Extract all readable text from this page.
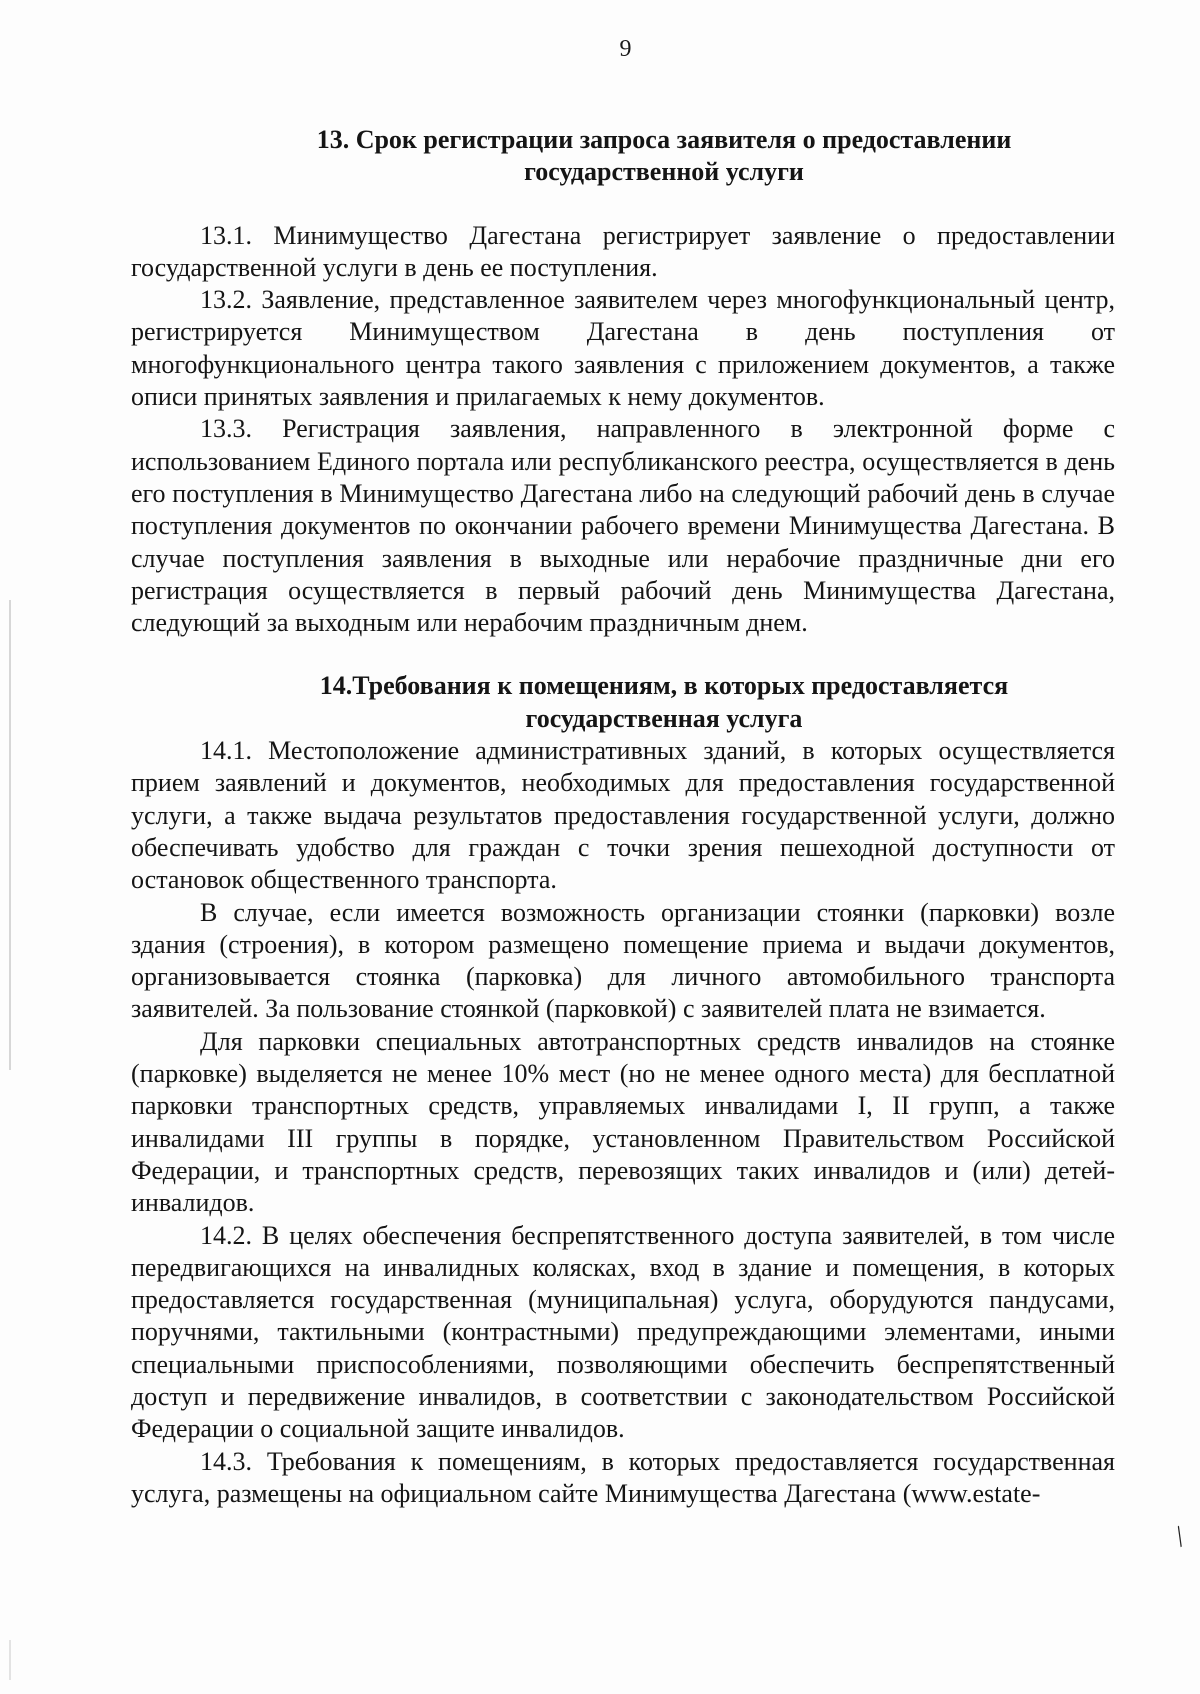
9
13. Срок регистрации запроса заявителя о предоставлении
государственной услуги

13.1. Минимущество Дагестана регистрирует заявление о предоставлении государственной услуги в день ее поступления.

13.2. Заявление, представленное заявителем через многофункциональный центр, регистрируется Минимуществом Дагестана в день поступления от многофункционального центра такого заявления с приложением документов, а также описи принятых заявления и прилагаемых к нему документов.

13.3. Регистрация заявления, направленного в электронной форме с использованием Единого портала или республиканского реестра, осуществляется в день его поступления в Минимущество Дагестана либо на следующий рабочий день в случае поступления документов по окончании рабочего времени Минимущества Дагестана. В случае поступления заявления в выходные или нерабочие праздничные дни его регистрация осуществляется в первый рабочий день Минимущества Дагестана, следующий за выходным или нерабочим праздничным днем.

14.Требования к помещениям, в которых предоставляется
государственная услуга

14.1. Местоположение административных зданий, в которых осуществляется прием заявлений и документов, необходимых для предоставления государственной услуги, а также выдача результатов предоставления государственной услуги, должно обеспечивать удобство для граждан с точки зрения пешеходной доступности от остановок общественного транспорта.

В случае, если имеется возможность организации стоянки (парковки) возле здания (строения), в котором размещено помещение приема и выдачи документов, организовывается стоянка (парковка) для личного автомобильного транспорта заявителей. За пользование стоянкой (парковкой) с заявителей плата не взимается.

Для парковки специальных автотранспортных средств инвалидов на стоянке (парковке) выделяется не менее 10% мест (но не менее одного места) для бесплатной парковки транспортных средств, управляемых инвалидами I, II групп, а также инвалидами III группы в порядке, установленном Правительством Российской Федерации, и транспортных средств, перевозящих таких инвалидов и (или) детей-инвалидов.

14.2. В целях обеспечения беспрепятственного доступа заявителей, в том числе передвигающихся на инвалидных колясках, вход в здание и помещения, в которых предоставляется государственная (муниципальная) услуга, оборудуются пандусами, поручнями, тактильными (контрастными) предупреждающими элементами, иными специальными приспособлениями, позволяющими обеспечить беспрепятственный доступ и передвижение инвалидов, в соответствии с законодательством Российской Федерации о социальной защите инвалидов.

14.3. Требования к помещениям, в которых предоставляется государственная услуга, размещены на официальном сайте Минимущества Дагестана (www.estate-

╱
